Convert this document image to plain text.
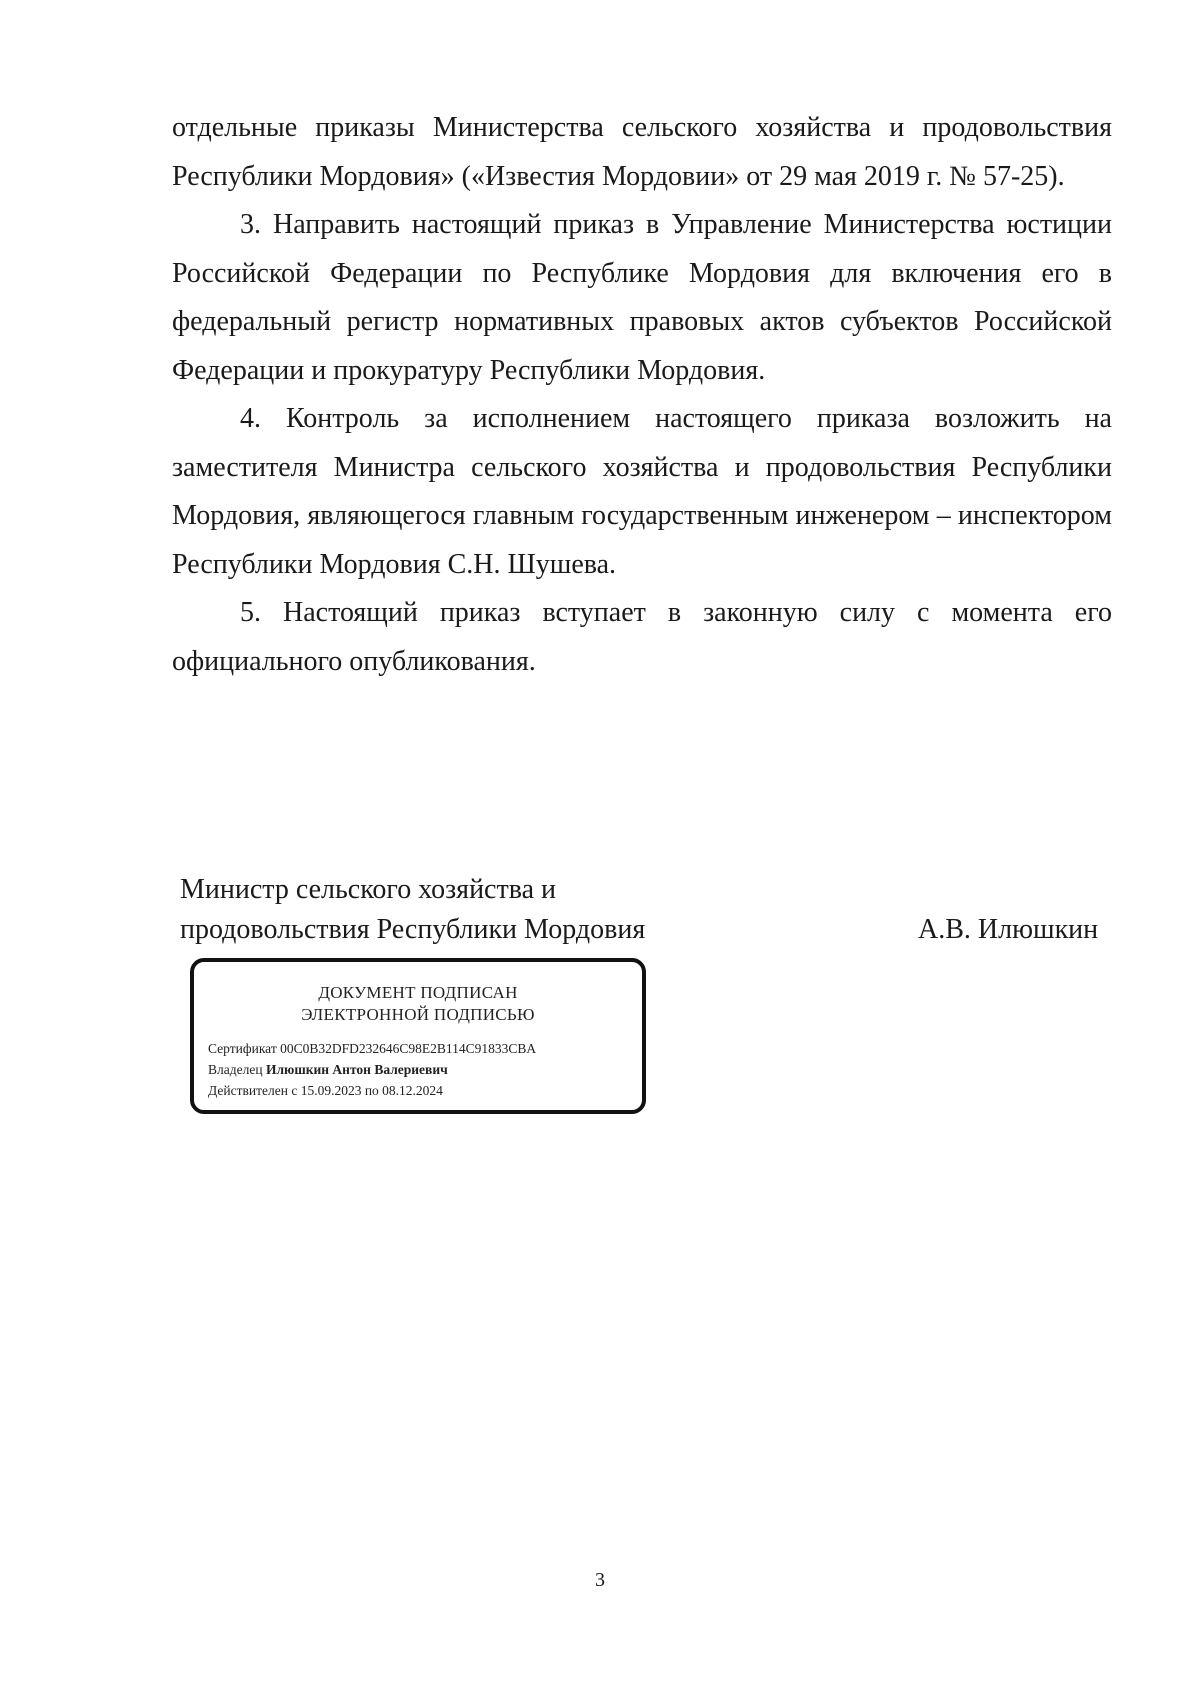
отдельные приказы Министерства сельского хозяйства и продовольствия Республики Мордовия» («Известия Мордовии» от 29 мая 2019 г. № 57-25).

3. Направить настоящий приказ в Управление Министерства юстиции Российской Федерации по Республике Мордовия для включения его в федеральный регистр нормативных правовых актов субъектов Российской Федерации и прокуратуру Республики Мордовия.

4. Контроль за исполнением настоящего приказа возложить на заместителя Министра сельского хозяйства и продовольствия Республики Мордовия, являющегося главным государственным инженером – инспектором Республики Мордовия С.Н. Шушева.

5. Настоящий приказ вступает в законную силу с момента его официального опубликования.

Министр сельского хозяйства и
продовольствия Республики Мордовия	А.В. Илюшкин
ДОКУМЕНТ ПОДПИСАН
ЭЛЕКТРОННОЙ ПОДПИСЬЮ
Сертификат 00C0B32DFD232646C98E2B114C91833CBA
Владелец Илюшкин Антон Валериевич
Действителен с 15.09.2023 по 08.12.2024
3
